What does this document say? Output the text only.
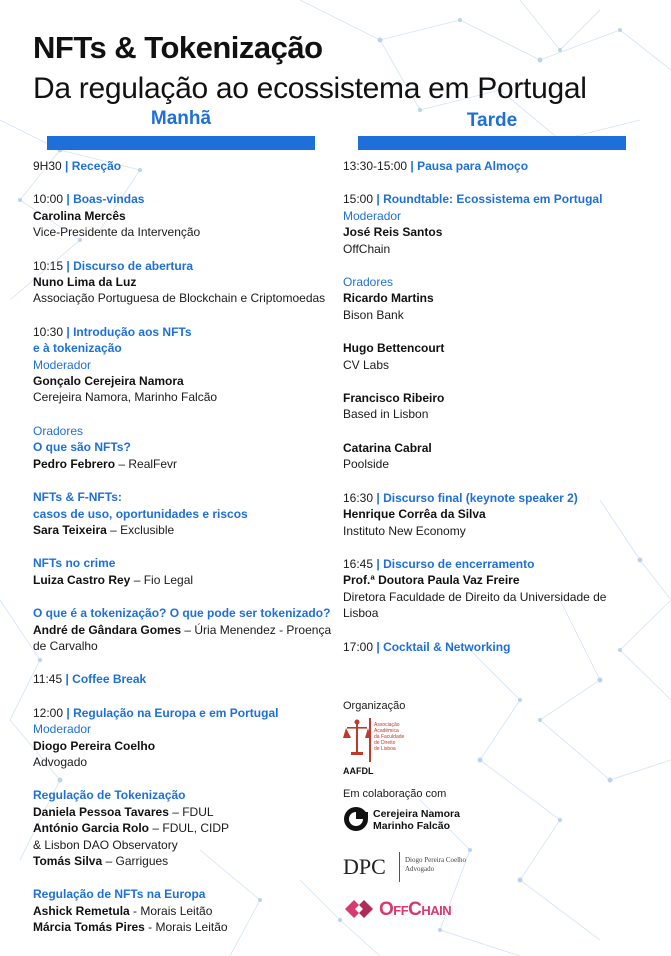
NFTs & Tokenização
Da regulação ao ecossistema em Portugal
Manhã	Tarde
9H30 | Receção
10:00 | Boas-vindas
Carolina Mercês
Vice-Presidente da Intervenção
10:15 | Discurso de abertura
Nuno Lima da Luz
Associação Portuguesa de Blockchain e Criptomoedas
10:30 | Introdução aos NFTs
e à tokenização
Moderador
Gonçalo Cerejeira Namora
Cerejeira Namora, Marinho Falcão
Oradores
O que são NFTs?
Pedro Febrero – RealFevr
NFTs & F-NFTs:
casos de uso, oportunidades e riscos
Sara Teixeira – Exclusible
NFTs no crime
Luiza Castro Rey – Fio Legal
O que é a tokenização? O que pode ser tokenizado?
André de Gândara Gomes – Úria Menendez - Proença
de Carvalho
11:45 | Coffee Break
12:00 | Regulação na Europa e em Portugal
Moderador
Diogo Pereira Coelho
Advogado
Regulação de Tokenização
Daniela Pessoa Tavares – FDUL
António Garcia Rolo – FDUL, CIDP
& Lisbon DAO Observatory
Tomás Silva – Garrigues
Regulação de NFTs na Europa
Ashick Remetula - Morais Leitão
Márcia Tomás Pires - Morais Leitão
13:30-15:00 | Pausa para Almoço
15:00 | Roundtable: Ecossistema em Portugal
Moderador
José Reis Santos
OffChain
Oradores
Ricardo Martins
Bison Bank
Hugo Bettencourt
CV Labs
Francisco Ribeiro
Based in Lisbon
Catarina Cabral
Poolside
16:30 | Discurso final (keynote speaker 2)
Henrique Corrêa da Silva
Instituto New Economy
16:45 | Discurso de encerramento
Prof.ª Doutora Paula Vaz Freire
Diretora Faculdade de Direito da Universidade de
Lisboa
17:00 | Cocktail & Networking
Organização
Associação
Académica
da Faculdade
de Direito
de Lisboa
AAFDL
Em colaboração com
Cerejeira Namora
Marinho Falcão
DPC	Diogo Pereira Coelho
Advogado
OffChain
